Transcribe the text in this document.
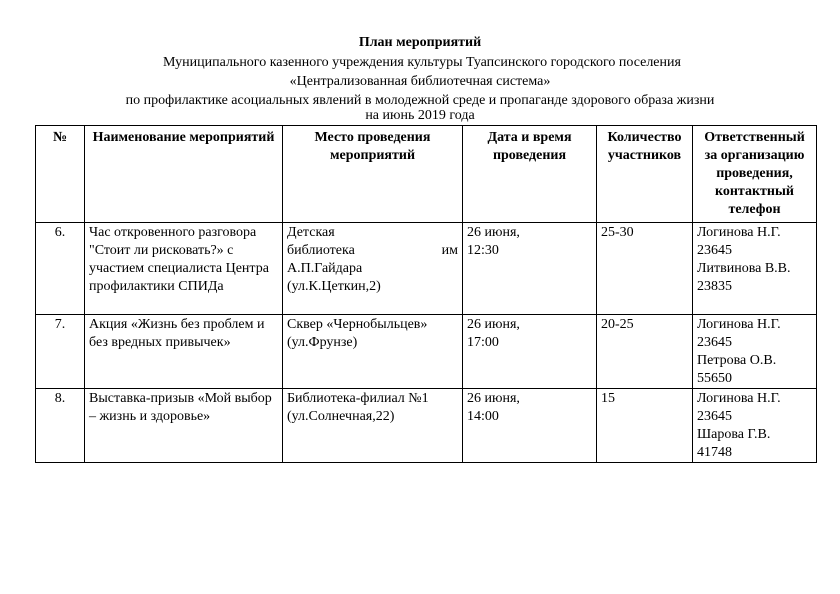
План мероприятий
Муниципального казенного учреждения культуры Туапсинского городского поселения
«Централизованная библиотечная система»
по профилактике асоциальных явлений в молодежной среде и пропаганде здорового образа жизни
на июнь 2019 года
№	Наименование мероприятий	Место проведения мероприятий	Дата и время проведения	Количество участников	Ответственный за организацию проведения, контактный телефон
6.	Час откровенного разговора "Стоит ли рисковать?» с участием специалиста Центра профилактики СПИДа	Детская
библиотека им
А.П.Гайдара
(ул.К.Цеткин,2)	26 июня,
12:30	25-30	Логинова Н.Г.
23645
Литвинова В.В.
23835

7.	Акция «Жизнь без проблем и без вредных привычек»	Сквер «Чернобыльцев»
(ул.Фрунзе)	26 июня,
17:00	20-25	Логинова Н.Г.
23645
Петрова О.В.
55650

8.	Выставка-призыв «Мой выбор – жизнь и здоровье»	Библиотека-филиал №1
(ул.Солнечная,22)	26 июня,
14:00	15	Логинова Н.Г.
23645
Шарова Г.В.
41748
